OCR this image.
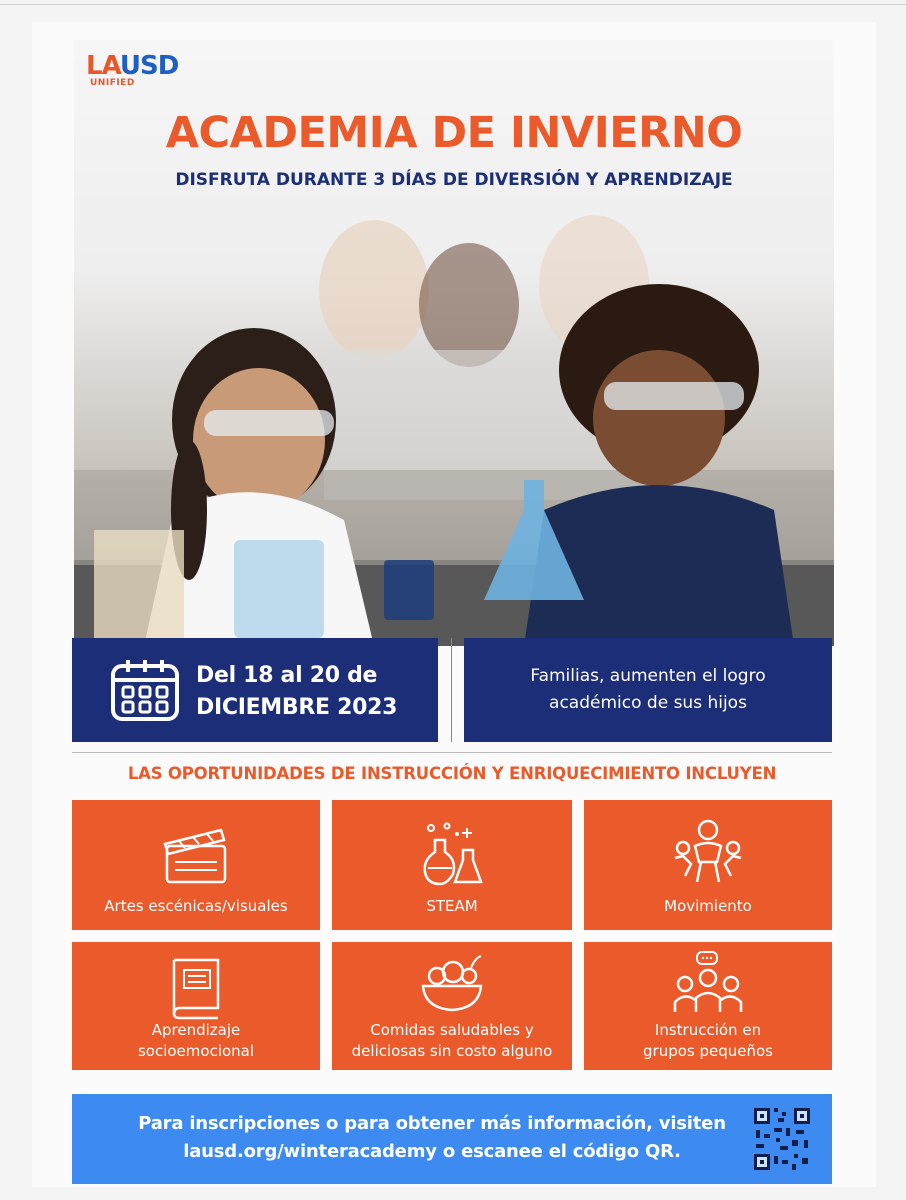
LAUSD
UNIFIED
ACADEMIA DE INVIERNO
DISFRUTA DURANTE 3 DÍAS DE DIVERSIÓN Y APRENDIZAJE
Del 18 al 20 de
DICIEMBRE 2023
Familias, aumenten el logro
académico de sus hijos
LAS OPORTUNIDADES DE INSTRUCCIÓN Y ENRIQUECIMIENTO INCLUYEN
Artes escénicas/visuales	STEAM	Movimiento
Aprendizaje
socioemocional
Comidas saludables y
deliciosas sin costo alguno
Instrucción en
grupos pequeños
Para inscripciones o para obtener más información, visiten
lausd.org/winteracademy o escanee el código QR.
